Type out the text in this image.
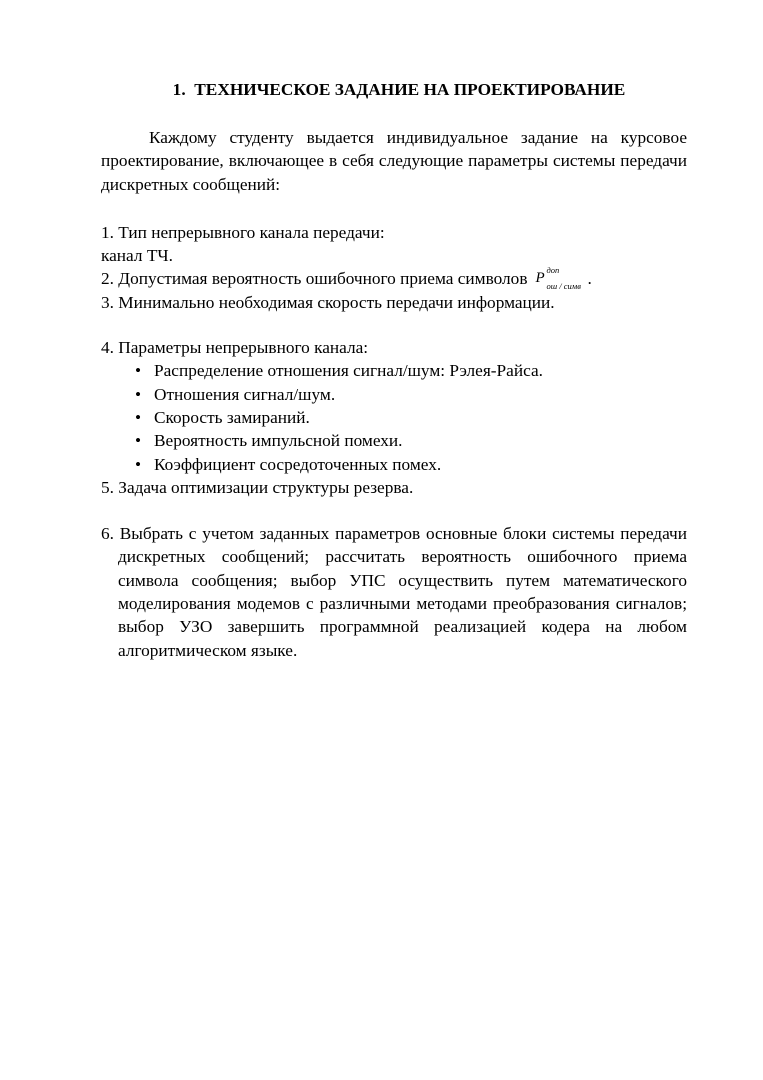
1. ТЕХНИЧЕСКОЕ ЗАДАНИЕ НА ПРОЕКТИРОВАНИЕ

Каждому студенту выдается индивидуальное задание на курсовое проектирование, включающее в себя следующие параметры системы передачи дискретных сообщений:

1. Тип непрерывного канала передачи:
канал ТЧ.
2. Допустимая вероятность ошибочного приема символов P доп
ош / симв .
3. Минимально необходимая скорость передачи информации.
4. Параметры непрерывного канала:
• Распределение отношения сигнал/шум: Рэлея-Райса.
• Отношения сигнал/шум.
• Скорость замираний.
• Вероятность импульсной помехи.
• Коэффициент сосредоточенных помех.
5. Задача оптимизации структуры резерва.
6. Выбрать с учетом заданных параметров основные блоки системы передачи дискретных сообщений; рассчитать вероятность ошибочного приема символа сообщения; выбор УПС осуществить путем математического моделирования модемов с различными методами преобразования сигналов; выбор УЗО завершить программной реализацией кодера на любом алгоритмическом языке.
